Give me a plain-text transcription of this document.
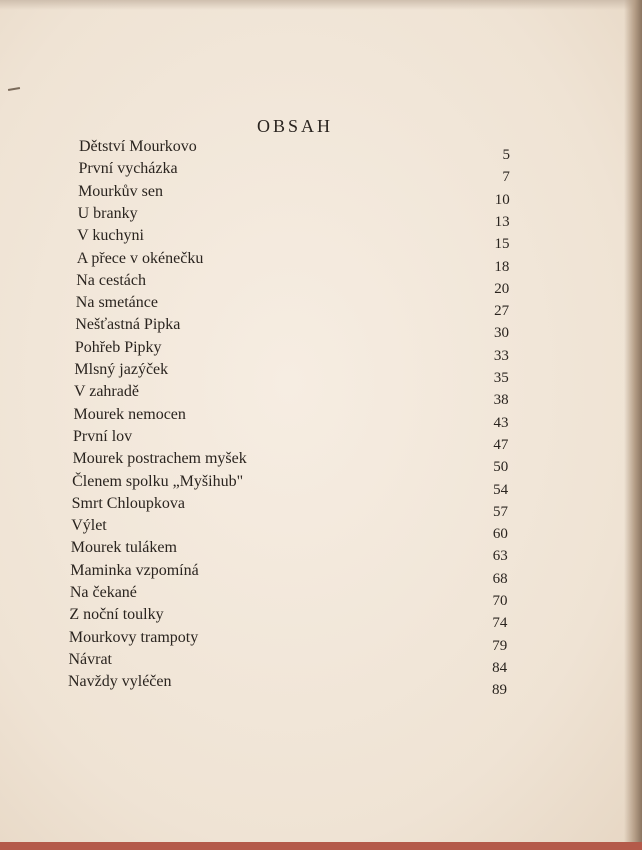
OBSAH
Dětství Mourkovo	5
První vycházka	7
Mourkův sen	10
U branky	13
V kuchyni	15
A přece v okénečku	18
Na cestách	20
Na smetánce	27
Nešťastná Pipka	30
Pohřeb Pipky	33
Mlsný jazýček	35
V zahradě	38
Mourek nemocen	43
První lov	47
Mourek postrachem myšek	50
Členem spolku „Myšihub"	54
Smrt Chloupkova	57
Výlet	60
Mourek tulákem	63
Maminka vzpomíná	68
Na čekané	70
Z noční toulky	74
Mourkovy trampoty	79
Návrat	84
Navždy vyléčen	89
